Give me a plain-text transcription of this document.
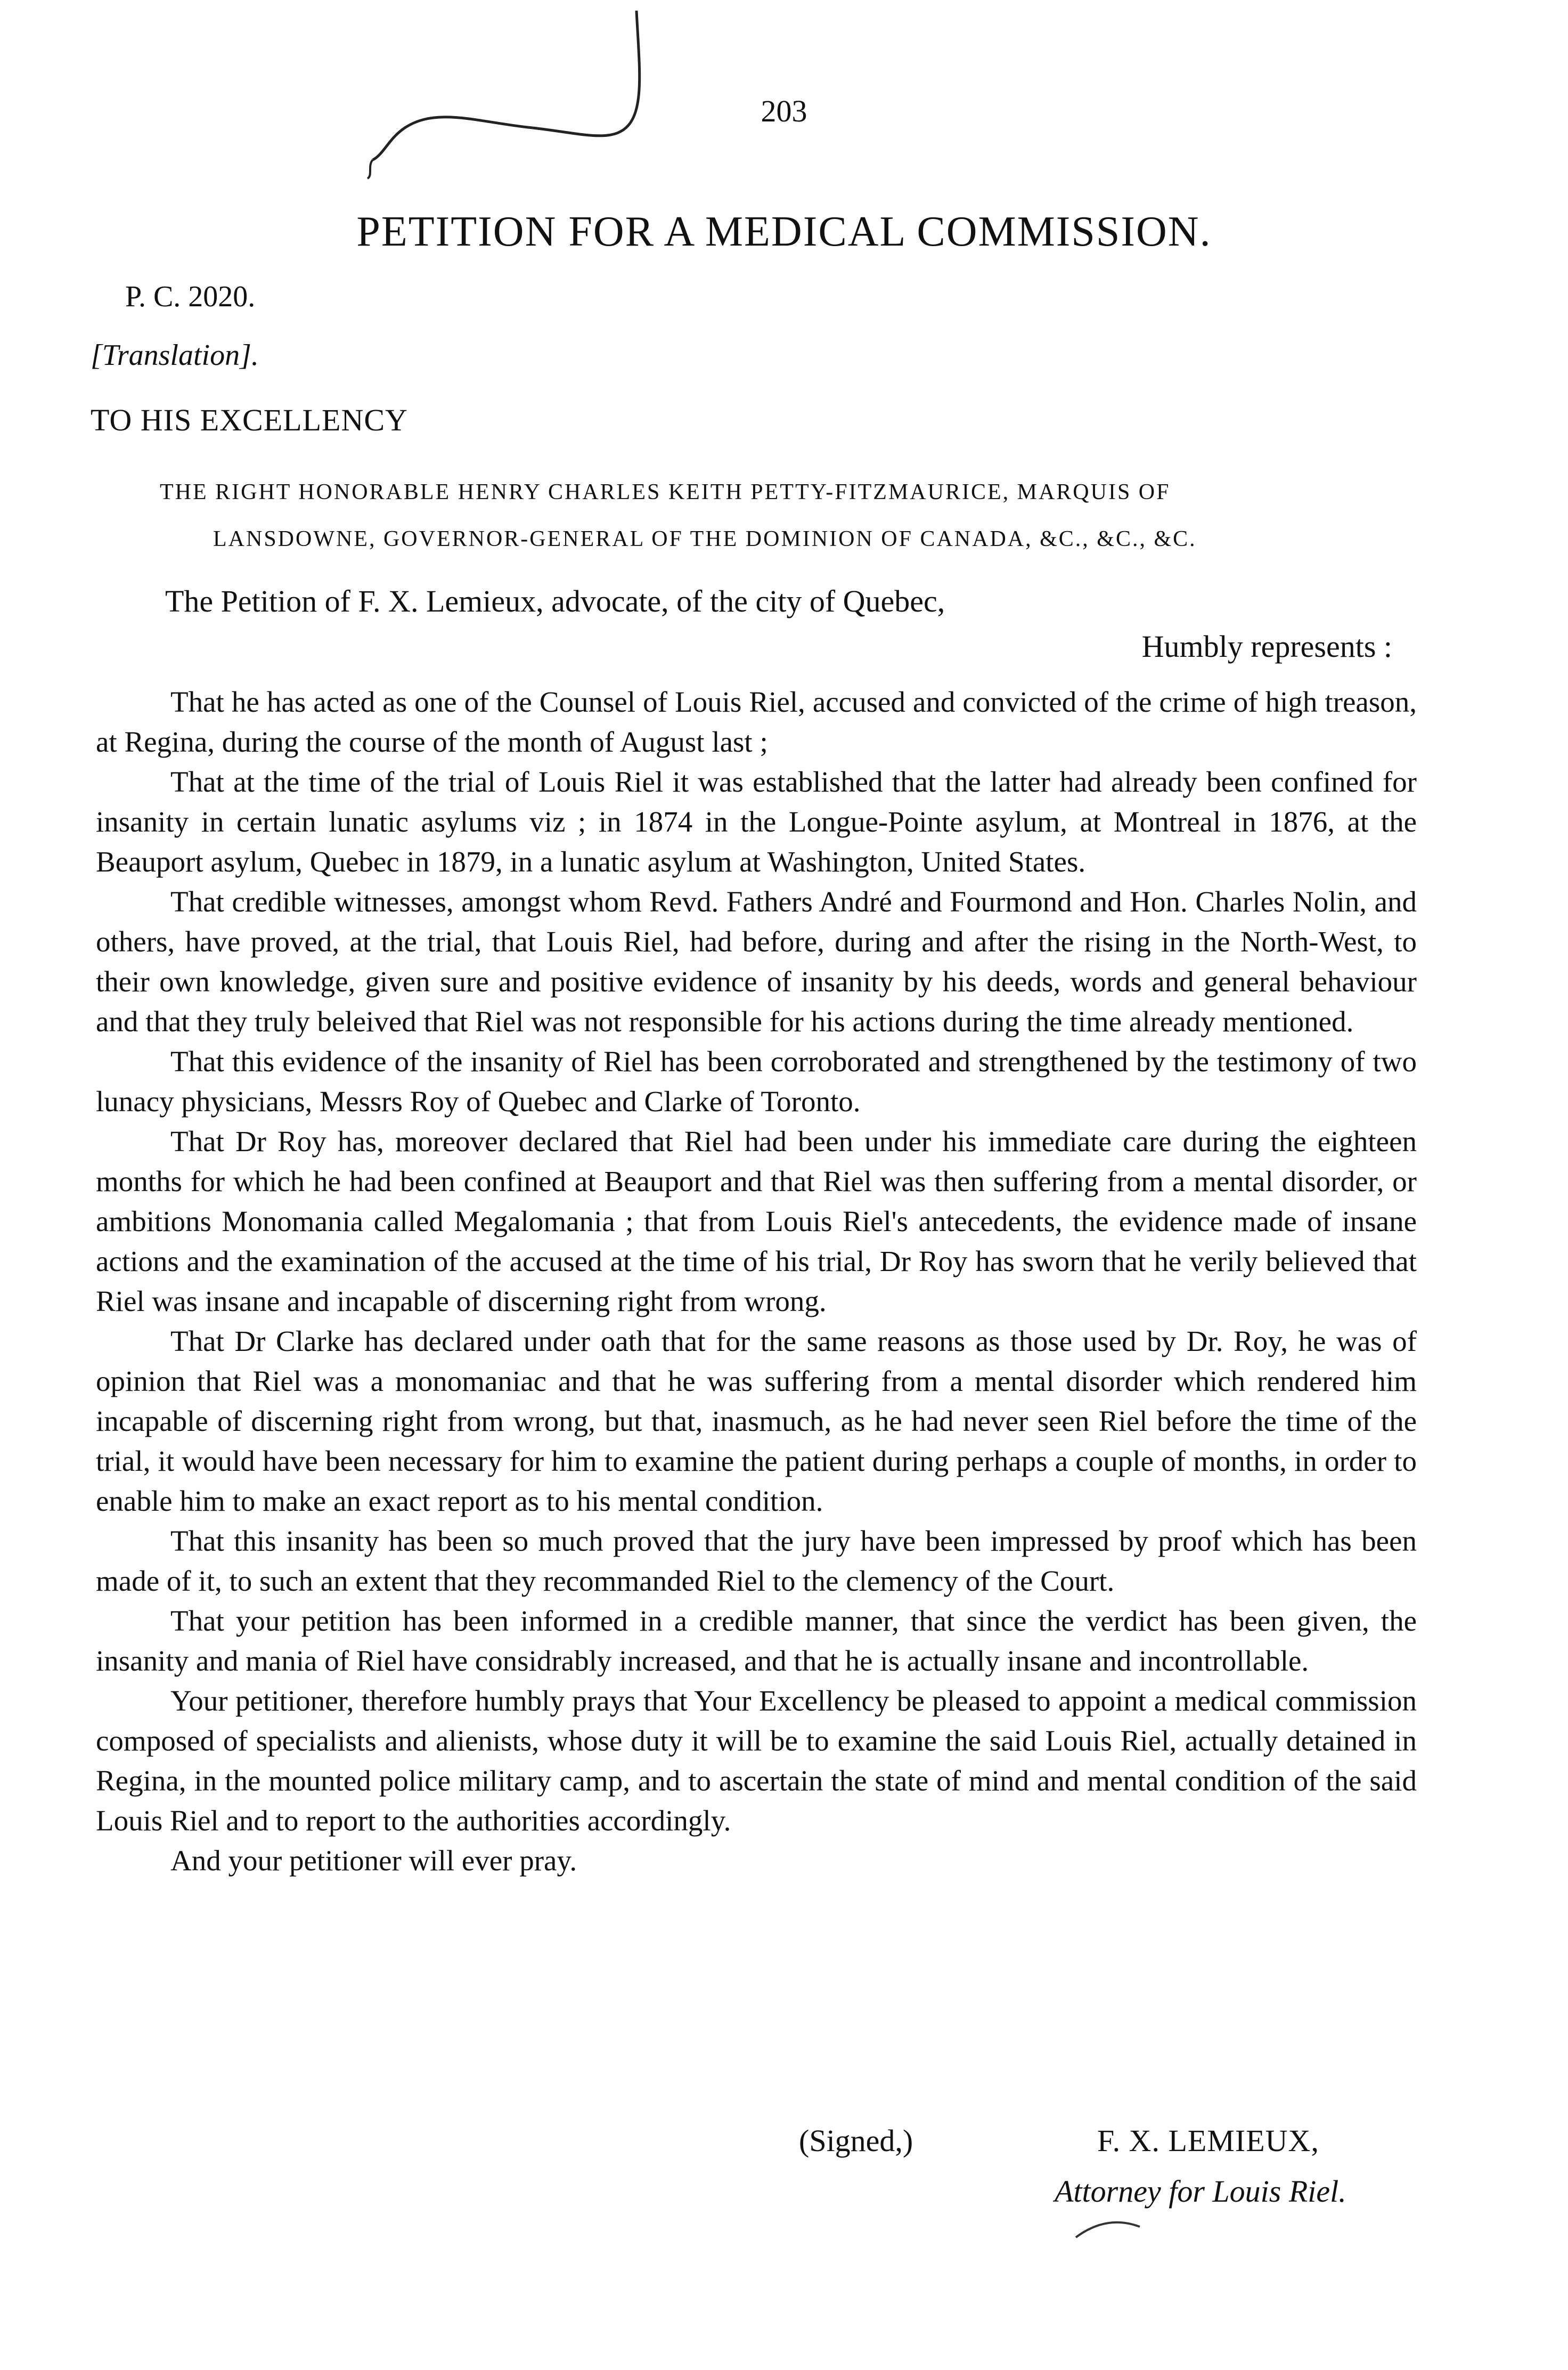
203
PETITION FOR A MEDICAL COMMISSION.
P. C. 2020.
[Translation].
TO HIS EXCELLENCY
THE RIGHT HONORABLE HENRY CHARLES KEITH PETTY-FITZMAURICE, MARQUIS OF
LANSDOWNE, GOVERNOR-GENERAL OF THE DOMINION OF CANADA, &C., &C., &C.
The Petition of F. X. Lemieux, advocate, of the city of Quebec,
Humbly represents :

That he has acted as one of the Counsel of Louis Riel, accused and convicted of the crime of high treason, at Regina, during the course of the month of August last ;

That at the time of the trial of Louis Riel it was established that the latter had already been confined for insanity in certain lunatic asylums viz ; in 1874 in the Longue-Pointe asylum, at Montreal in 1876, at the Beauport asylum, Quebec in 1879, in a lunatic asylum at Washington, United States.

That credible witnesses, amongst whom Revd. Fathers André and Fourmond and Hon. Charles Nolin, and others, have proved, at the trial, that Louis Riel, had before, during and after the rising in the North-West, to their own knowledge, given sure and positive evidence of insanity by his deeds, words and general behaviour and that they truly beleived that Riel was not responsible for his actions during the time already mentioned.

That this evidence of the insanity of Riel has been corroborated and strengthened by the testimony of two lunacy physicians, Messrs Roy of Quebec and Clarke of Toronto.

That Dr Roy has, moreover declared that Riel had been under his immediate care during the eighteen months for which he had been confined at Beauport and that Riel was then suffering from a mental disorder, or ambitions Monomania called Megalomania ; that from Louis Riel's antecedents, the evidence made of insane actions and the examination of the accused at the time of his trial, Dr Roy has sworn that he verily believed that Riel was insane and incapable of discerning right from wrong.

That Dr Clarke has declared under oath that for the same reasons as those used by Dr. Roy, he was of opinion that Riel was a monomaniac and that he was suffering from a mental disorder which rendered him incapable of discerning right from wrong, but that, inasmuch, as he had never seen Riel before the time of the trial, it would have been necessary for him to examine the patient during perhaps a couple of months, in order to enable him to make an exact report as to his mental condition.

That this insanity has been so much proved that the jury have been impressed by proof which has been made of it, to such an extent that they recommanded Riel to the clemency of the Court.

That your petition has been informed in a credible manner, that since the verdict has been given, the insanity and mania of Riel have considrably increased, and that he is actually insane and incontrollable.

Your petitioner, therefore humbly prays that Your Excellency be pleased to appoint a medical commission composed of specialists and alienists, whose duty it will be to examine the said Louis Riel, actually detained in Regina, in the mounted police military camp, and to ascertain the state of mind and mental condition of the said Louis Riel and to report to the authorities accordingly.

And your petitioner will ever pray.

(Signed,)	F. X. LEMIEUX,
Attorney for Louis Riel.
